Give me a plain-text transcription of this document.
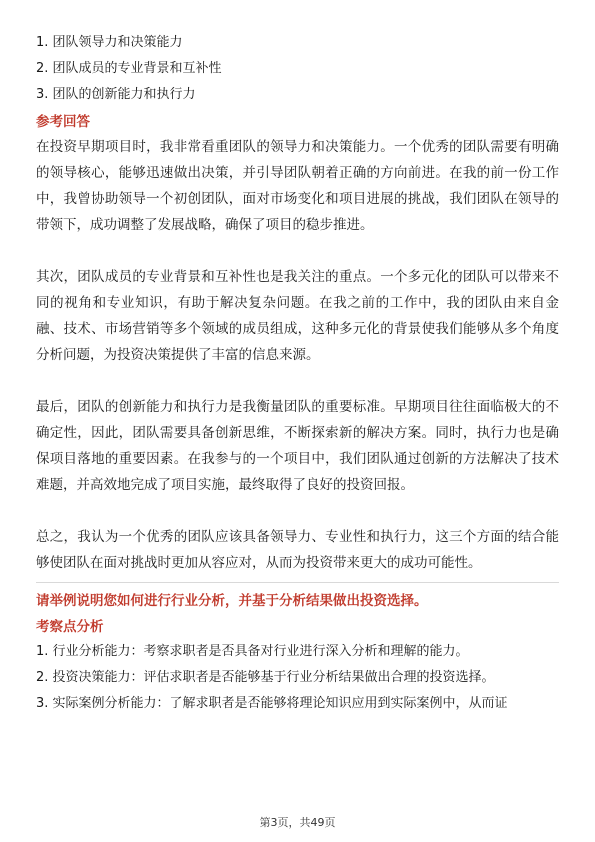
1. 团队领导力和决策能力
2. 团队成员的专业背景和互补性
3. 团队的创新能力和执行力
参考回答
在投资早期项目时，我非常看重团队的领导力和决策能力。一个优秀的团队需要有明确的领导核心，能够迅速做出决策，并引导团队朝着正确的方向前进。在我的前一份工作中，我曾协助领导一个初创团队，面对市场变化和项目进展的挑战，我们团队在领导的带领下，成功调整了发展战略，确保了项目的稳步推进。
其次，团队成员的专业背景和互补性也是我关注的重点。一个多元化的团队可以带来不同的视角和专业知识，有助于解决复杂问题。在我之前的工作中，我的团队由来自金融、技术、市场营销等多个领域的成员组成，这种多元化的背景使我们能够从多个角度分析问题，为投资决策提供了丰富的信息来源。
最后，团队的创新能力和执行力是我衡量团队的重要标准。早期项目往往面临极大的不确定性，因此，团队需要具备创新思维，不断探索新的解决方案。同时，执行力也是确保项目落地的重要因素。在我参与的一个项目中，我们团队通过创新的方法解决了技术难题，并高效地完成了项目实施，最终取得了良好的投资回报。
总之，我认为一个优秀的团队应该具备领导力、专业性和执行力，这三个方面的结合能够使团队在面对挑战时更加从容应对，从而为投资带来更大的成功可能性。
请举例说明您如何进行行业分析，并基于分析结果做出投资选择。
考察点分析
1. 行业分析能力：考察求职者是否具备对行业进行深入分析和理解的能力。
2. 投资决策能力：评估求职者是否能够基于行业分析结果做出合理的投资选择。
3. 实际案例分析能力：了解求职者是否能够将理论知识应用到实际案例中，从而证
第3页，共49页
